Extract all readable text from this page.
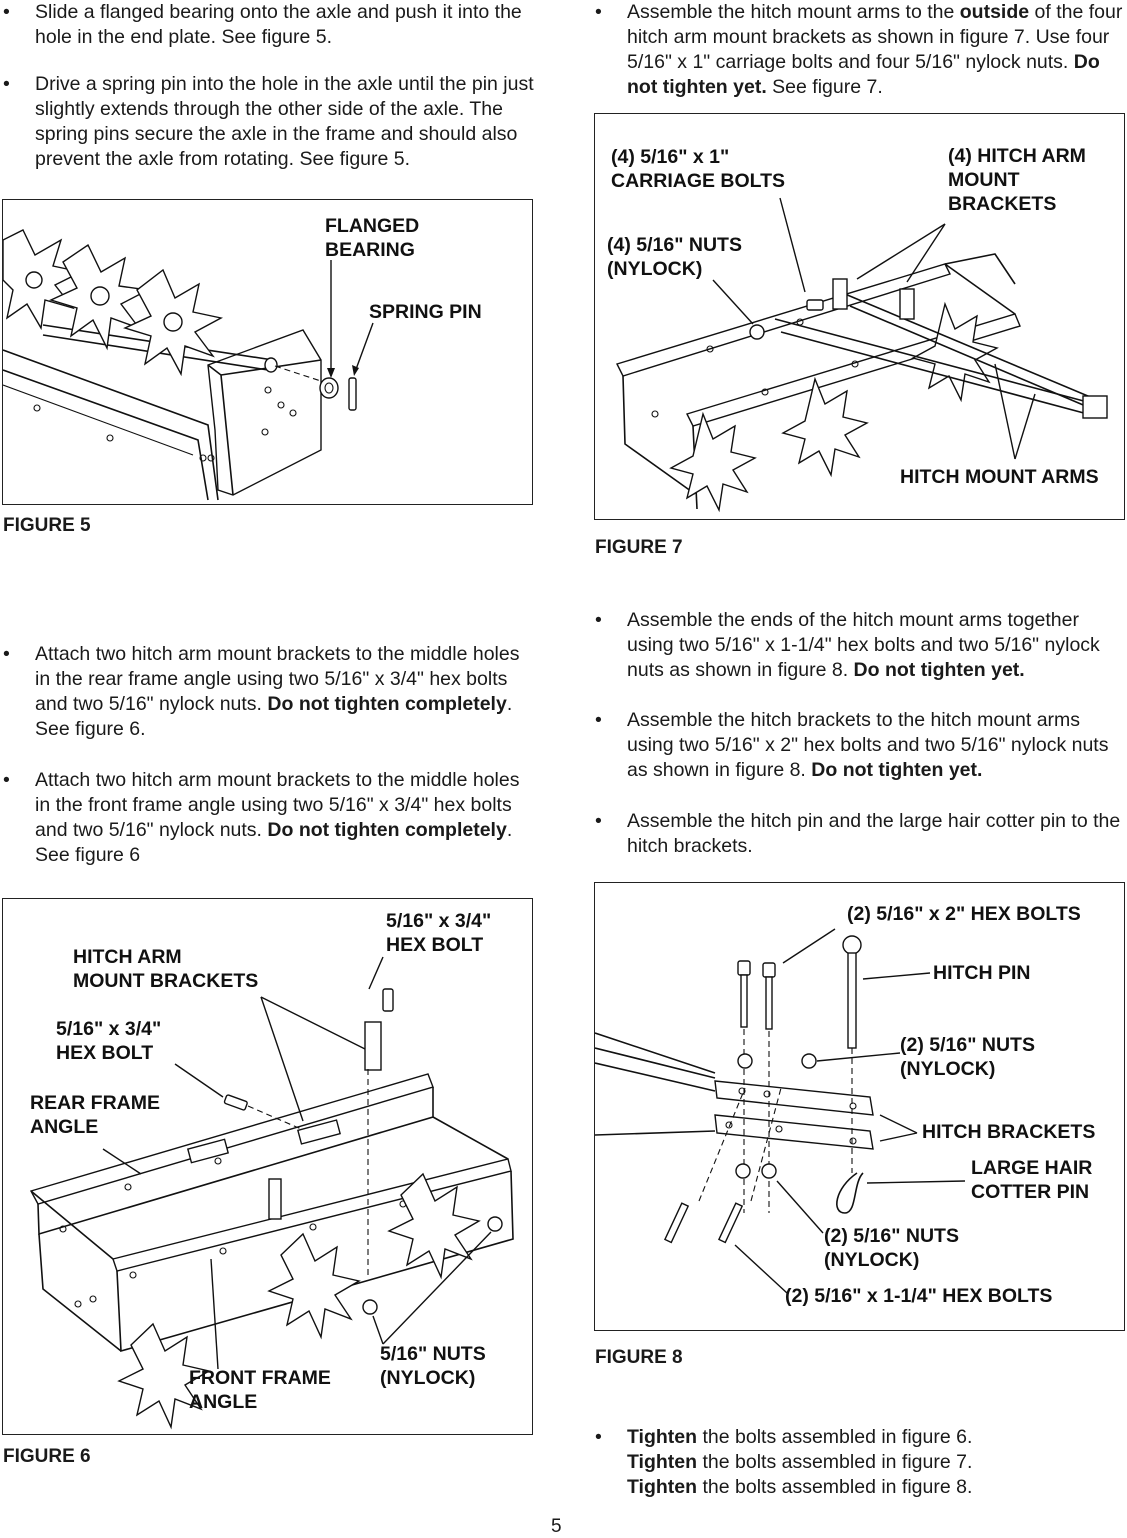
• Slide a flanged bearing onto the axle and push it into the hole in the end plate. See figure 5.
• Drive a spring pin into the hole in the axle until the pin just slightly extends through the other side of the axle. The spring pins secure the axle in the frame and should also prevent the axle from rotating. See figure 5.
FLANGED
BEARING
SPRING PIN
FIGURE 5
• Attach two hitch arm mount brackets to the middle holes in the rear frame angle using two 5/16" x 3/4" hex bolts and two 5/16" nylock nuts. Do not tighten completely. See figure 6.
• Attach two hitch arm mount brackets to the middle holes in the front frame angle using two 5/16" x 3/4" hex bolts and two 5/16" nylock nuts. Do not tighten completely. See figure 6
5/16" x 3/4"
HEX BOLT
HITCH ARM
MOUNT BRACKETS
5/16" x 3/4"
HEX BOLT
REAR FRAME
ANGLE
5/16" NUTS
(NYLOCK)
FRONT FRAME
ANGLE
FIGURE 6
• Assemble the hitch mount arms to the outside of the four hitch arm mount brackets as shown in figure 7. Use four 5/16" x 1" carriage bolts and four 5/16" nylock nuts. Do not tighten yet. See figure 7.
(4) 5/16" x 1"
CARRIAGE BOLTS
(4) HITCH ARM
MOUNT
BRACKETS
(4) 5/16" NUTS
(NYLOCK)
HITCH MOUNT ARMS
FIGURE 7
• Assemble the ends of the hitch mount arms together using two 5/16" x 1-1/4" hex bolts and two 5/16" nylock nuts as shown in figure 8. Do not tighten yet.
• Assemble the hitch brackets to the hitch mount arms using two 5/16" x 2" hex bolts and two 5/16" nylock nuts as shown in figure 8. Do not tighten yet.
• Assemble the hitch pin and the large hair cotter pin to the hitch brackets.
(2) 5/16" x 2" HEX BOLTS
HITCH PIN
(2) 5/16" NUTS
(NYLOCK)
HITCH BRACKETS
LARGE HAIR
COTTER PIN
(2) 5/16" NUTS
(NYLOCK)
(2) 5/16" x 1-1/4" HEX BOLTS
FIGURE 8
• Tighten the bolts assembled in figure 6.
Tighten the bolts assembled in figure 7.
Tighten the bolts assembled in figure 8.
5
